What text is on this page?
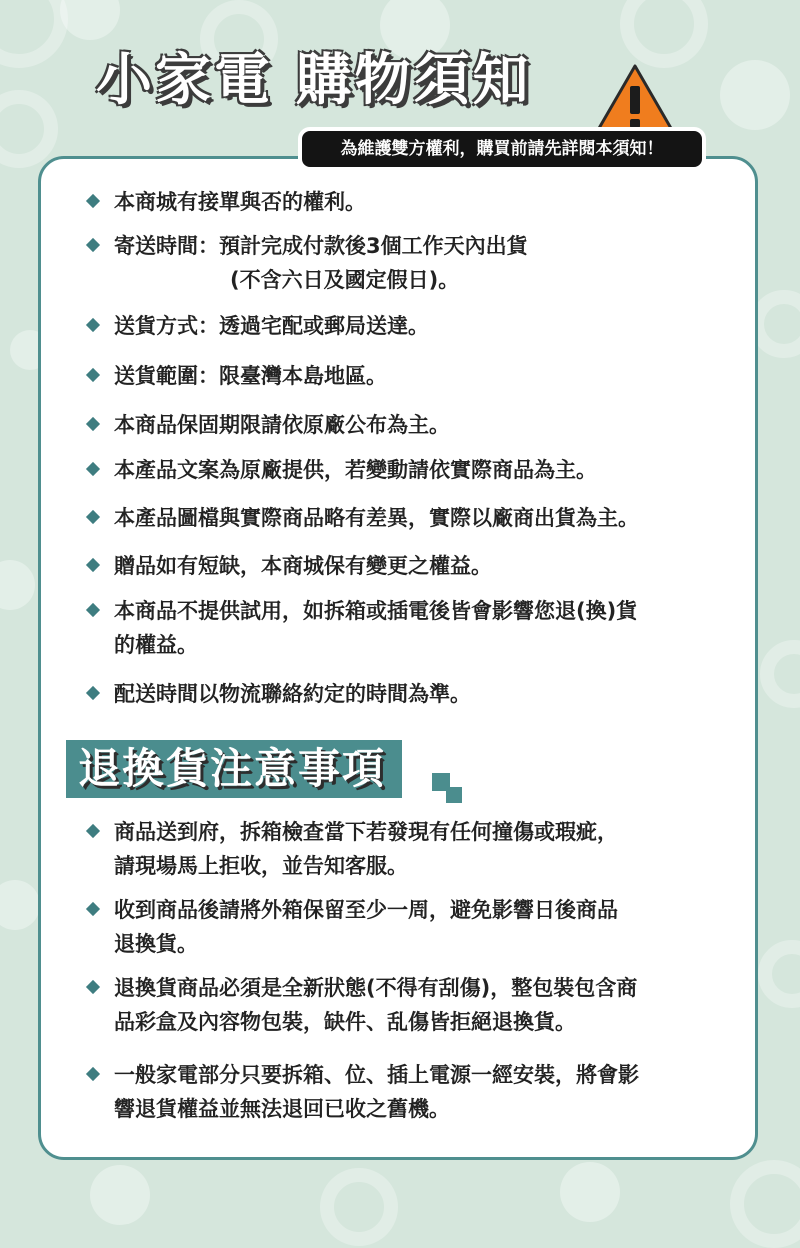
小家電 購物須知
為維護雙方權利，購買前請先詳閱本須知！
本商城有接單與否的權利。
寄送時間：預計完成付款後3個工作天內出貨
(不含六日及國定假日)。
送貨方式：透過宅配或郵局送達。
送貨範圍：限臺灣本島地區。
本商品保固期限請依原廠公布為主。
本產品文案為原廠提供，若變動請依實際商品為主。
本產品圖檔與實際商品略有差異，實際以廠商出貨為主。
贈品如有短缺，本商城保有變更之權益。
本商品不提供試用，如拆箱或插電後皆會影響您退(換)貨
的權益。
配送時間以物流聯絡約定的時間為準。
退換貨注意事項
商品送到府，拆箱檢查當下若發現有任何撞傷或瑕疵，
請現場馬上拒收，並告知客服。
收到商品後請將外箱保留至少一周，避免影響日後商品
退換貨。
退換貨商品必須是全新狀態(不得有刮傷)，整包裝包含商
品彩盒及內容物包裝，缺件、乱傷皆拒絕退換貨。
一般家電部分只要拆箱、位、插上電源一經安裝，將會影
響退貨權益並無法退回已收之舊機。
